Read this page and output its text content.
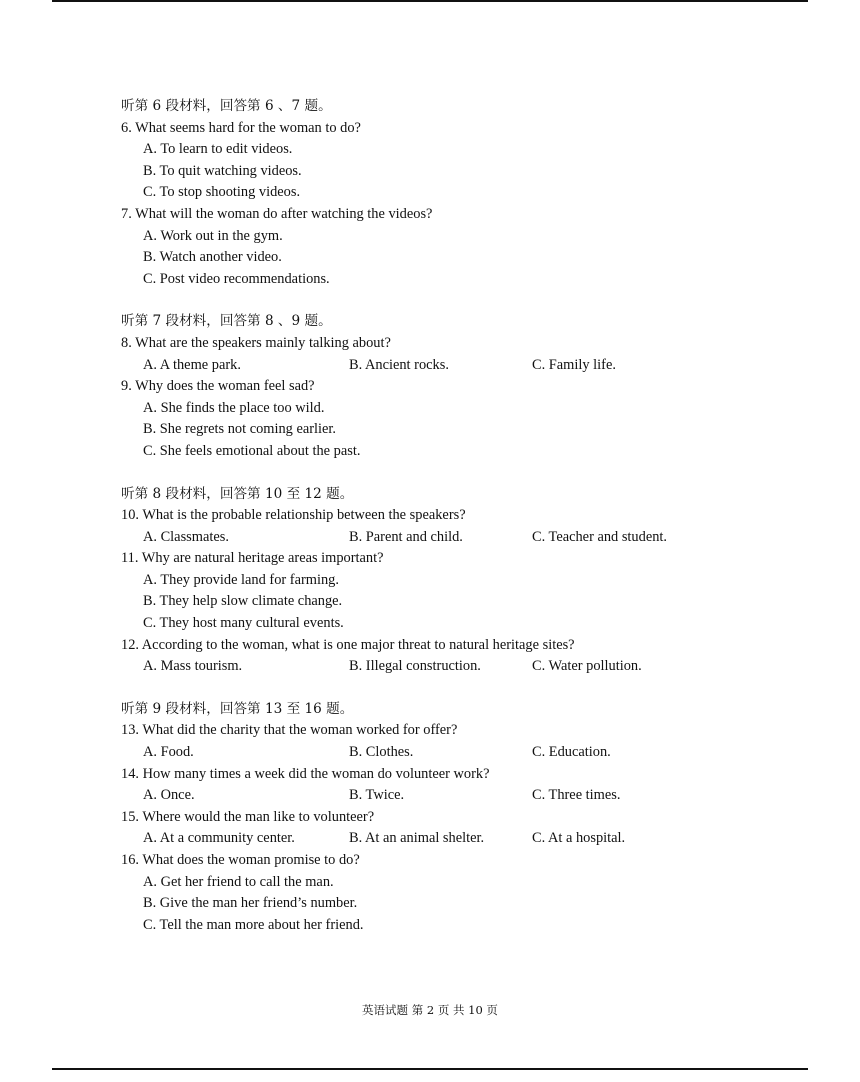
听第 6 段材料，回答第 6 、7 题。
6. What seems hard for the woman to do?
A. To learn to edit videos.
B. To quit watching videos.
C. To stop shooting videos.
7. What will the woman do after watching the videos?
A. Work out in the gym.
B. Watch another video.
C. Post video recommendations.
听第 7 段材料，回答第 8 、9 题。
8. What are the speakers mainly talking about?
A. A theme park.	B. Ancient rocks.	C. Family life.
9. Why does the woman feel sad?
A. She finds the place too wild.
B. She regrets not coming earlier.
C. She feels emotional about the past.
听第 8 段材料，回答第 10 至 12 题。
10. What is the probable relationship between the speakers?
A. Classmates.	B. Parent and child.	C. Teacher and student.
11. Why are natural heritage areas important?
A. They provide land for farming.
B. They help slow climate change.
C. They host many cultural events.
12. According to the woman, what is one major threat to natural heritage sites?
A. Mass tourism.	B. Illegal construction.	C. Water pollution.
听第 9 段材料，回答第 13 至 16 题。
13. What did the charity that the woman worked for offer?
A. Food.	B. Clothes.	C. Education.
14. How many times a week did the woman do volunteer work?
A. Once.	B. Twice.	C. Three times.
15. Where would the man like to volunteer?
A. At a community center.	B. At an animal shelter.	C. At a hospital.
16. What does the woman promise to do?
A. Get her friend to call the man.
B. Give the man her friend’s number.
C. Tell the man more about her friend.
英语试题 第 2 页 共 10 页
